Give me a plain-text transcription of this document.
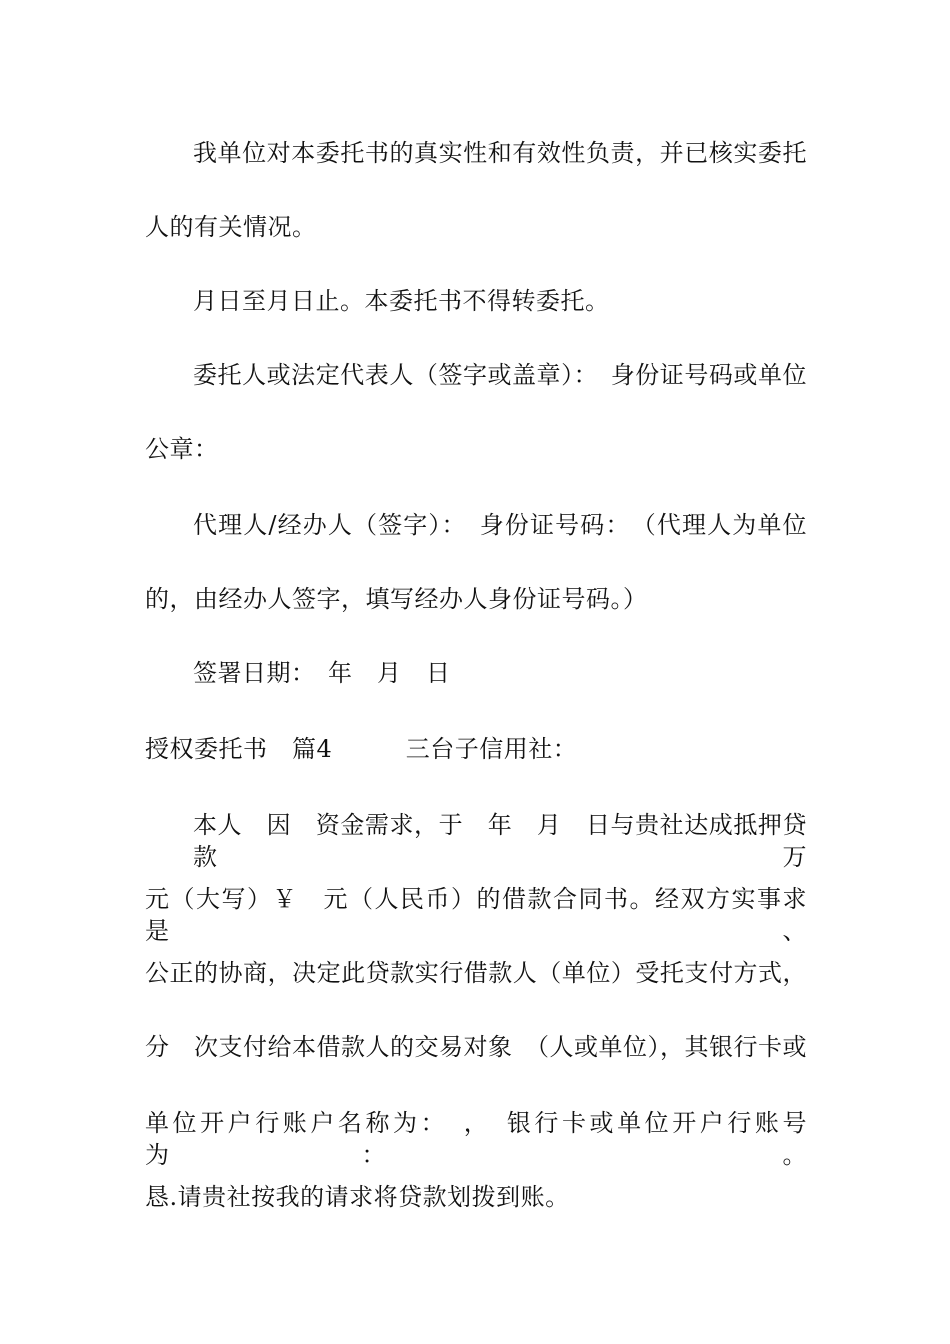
我单位对本委托书的真实性和有效性负责，并已核实委托
人的有关情况。
月日至月日止。本委托书不得转委托。
委托人或法定代表人（签字或盖章）：　身份证号码或单位
公章：
代理人/经办人（签字）：　身份证号码：　（代理人为单位
的，由经办人签字，填写经办人身份证号码。）
签署日期：　年　月　日
授权委托书　篇4　　　三台子信用社：
本人　因　资金需求，于　年　月　日与贵社达成抵押贷款　万
元（大写）￥　元（人民币）的借款合同书。经双方实事求是、
公正的协商，决定此贷款实行借款人（单位）受托支付方式，
分　次支付给本借款人的交易对象　（人或单位），其银行卡或
单位开户行账户名称为：　，　银行卡或单位开户行账号为：　。
恳.请贵社按我的请求将贷款划拨到账。
